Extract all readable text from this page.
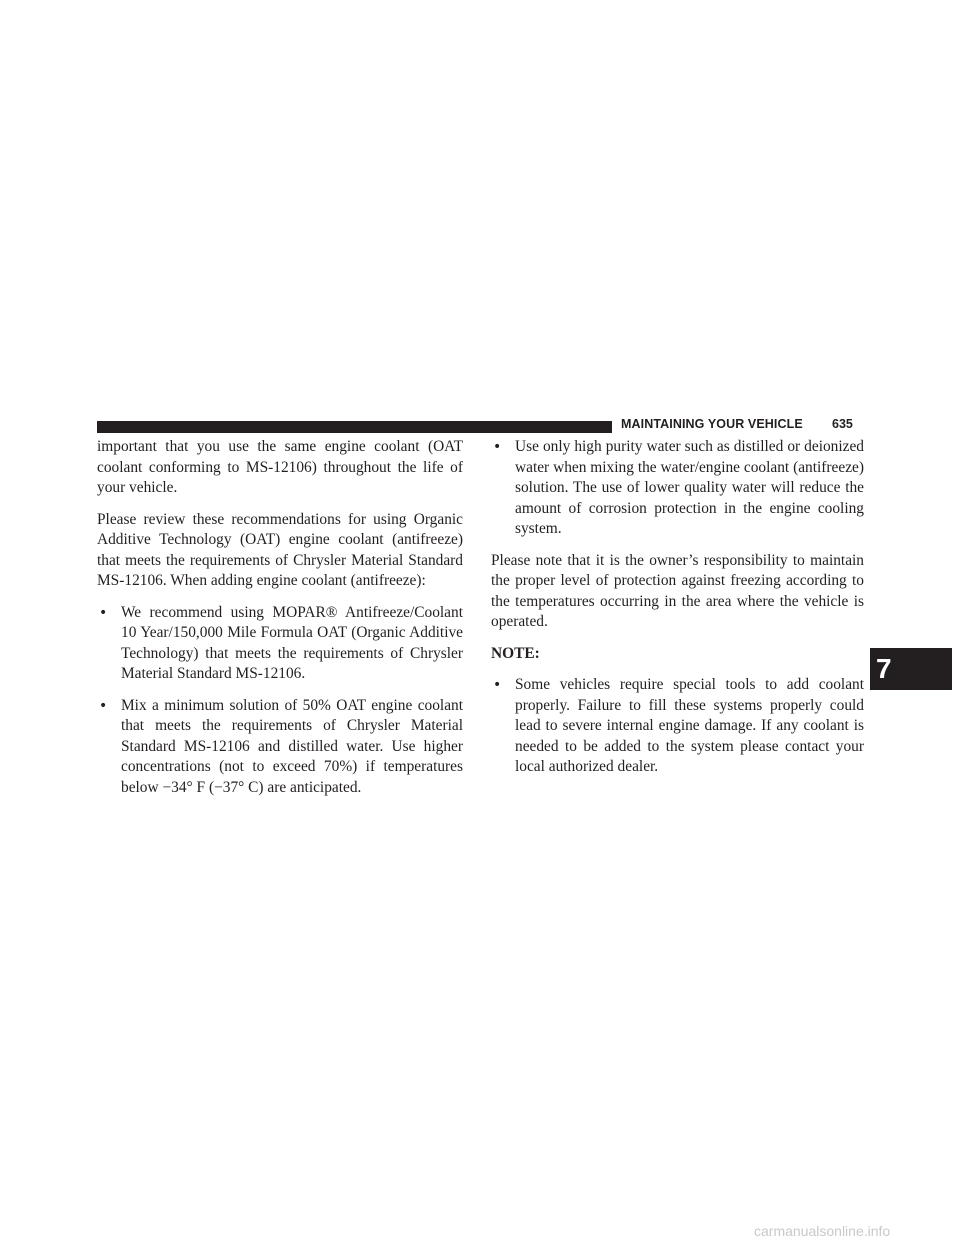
MAINTAINING YOUR VEHICLE 635

important that you use the same engine coolant (OAT coolant conforming to MS-12106) throughout the life of your vehicle.

Please review these recommendations for using Organic Additive Technology (OAT) engine coolant (antifreeze) that meets the requirements of Chrysler Material Standard MS-12106. When adding engine coolant (antifreeze):

• We recommend using MOPAR® Antifreeze/Coolant 10 Year/150,000 Mile Formula OAT (Organic Additive Technology) that meets the requirements of Chrysler Material Standard MS-12106.
• Mix a minimum solution of 50% OAT engine coolant that meets the requirements of Chrysler Material Standard MS-12106 and distilled water. Use higher concentrations (not to exceed 70%) if temperatures below −34° F (−37° C) are anticipated.
• Use only high purity water such as distilled or deionized water when mixing the water/engine coolant (antifreeze) solution. The use of lower quality water will reduce the amount of corrosion protection in the engine cooling system.

Please note that it is the owner’s responsibility to maintain the proper level of protection against freezing according to the temperatures occurring in the area where the vehicle is operated.

NOTE:

• Some vehicles require special tools to add coolant properly. Failure to fill these systems properly could lead to severe internal engine damage. If any coolant is needed to be added to the system please contact your local authorized dealer.
7
carmanualsonline.info
